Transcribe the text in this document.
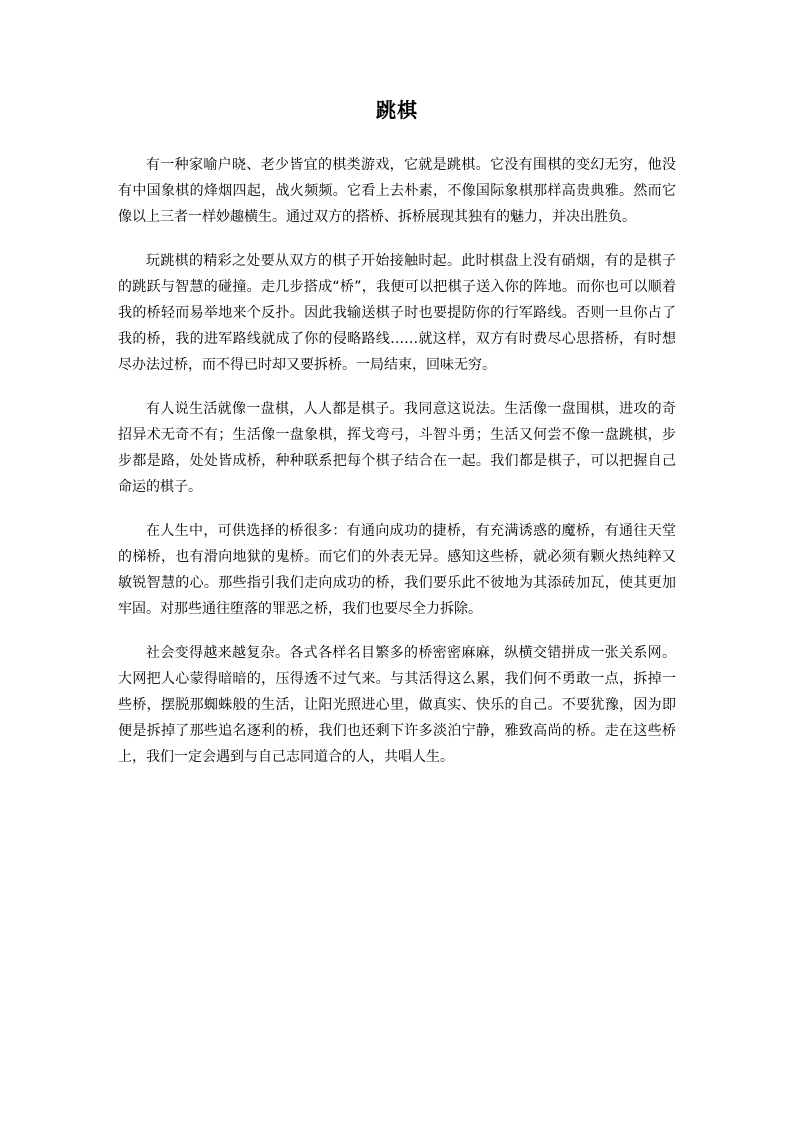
跳棋

有一种家喻户晓、老少皆宜的棋类游戏，它就是跳棋。它没有围棋的变幻无穷，他没有中国象棋的烽烟四起，战火频频。它看上去朴素，不像国际象棋那样高贵典雅。然而它像以上三者一样妙趣横生。通过双方的搭桥、拆桥展现其独有的魅力，并决出胜负。

玩跳棋的精彩之处要从双方的棋子开始接触时起。此时棋盘上没有硝烟，有的是棋子的跳跃与智慧的碰撞。走几步搭成“桥”，我便可以把棋子送入你的阵地。而你也可以顺着我的桥轻而易举地来个反扑。因此我输送棋子时也要提防你的行军路线。否则一旦你占了我的桥，我的进军路线就成了你的侵略路线……就这样，双方有时费尽心思搭桥，有时想尽办法过桥，而不得已时却又要拆桥。一局结束，回味无穷。

有人说生活就像一盘棋，人人都是棋子。我同意这说法。生活像一盘围棋，进攻的奇招异术无奇不有；生活像一盘象棋，挥戈弯弓，斗智斗勇；生活又何尝不像一盘跳棋，步步都是路，处处皆成桥，种种联系把每个棋子结合在一起。我们都是棋子，可以把握自己命运的棋子。

在人生中，可供选择的桥很多：有通向成功的捷桥，有充满诱惑的魔桥，有通往天堂的梯桥，也有滑向地狱的鬼桥。而它们的外表无异。感知这些桥，就必须有颗火热纯粹又敏锐智慧的心。那些指引我们走向成功的桥，我们要乐此不彼地为其添砖加瓦，使其更加牢固。对那些通往堕落的罪恶之桥，我们也要尽全力拆除。

社会变得越来越复杂。各式各样名目繁多的桥密密麻麻，纵横交错拼成一张关系网。大网把人心蒙得暗暗的，压得透不过气来。与其活得这么累，我们何不勇敢一点，拆掉一些桥，摆脱那蜘蛛般的生活，让阳光照进心里，做真实、快乐的自己。不要犹豫，因为即便是拆掉了那些追名逐利的桥，我们也还剩下许多淡泊宁静，雅致高尚的桥。走在这些桥上，我们一定会遇到与自己志同道合的人，共唱人生。
